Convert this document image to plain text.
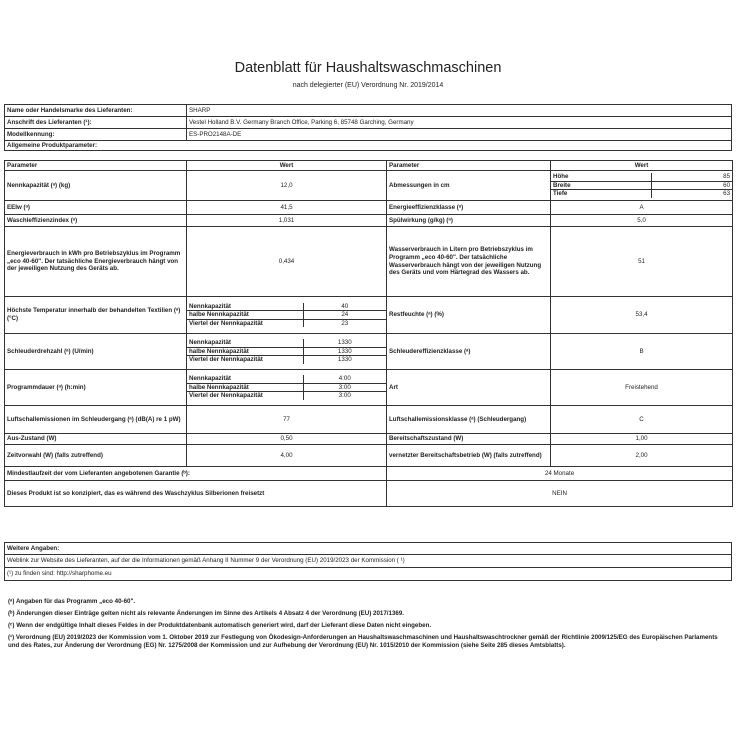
Datenblatt für Haushaltswaschmaschinen
nach delegierter (EU) Verordnung Nr. 2019/2014
Name oder Handelsmarke des Lieferanten:	SHARP
Anschrift des Lieferanten (¹):	Vestel Holland B.V. Germany Branch Office, Parking 6, 85748 Garching, Germany
Modellkennung:	ES-PRO2148A-DE
Allgemeine Produktparameter:	
Parameter	Wert	Parameter	Wert
Nennkapazität (ᵃ) (kg)	12,0	Abmessungen in cm	
Höhe	85
Breite	60
Tiefe	63

EEIw (ᵃ)	41,5	Energieeffizienzklasse (ᵃ)	A
Waschleffizienzindex (ᵃ)	1,031	Spülwirkung (g/kg) (ᵃ)	5,0
Energieverbrauch in kWh pro Betriebszyklus im Programm „eco 40-60". Der tatsächliche Energieverbrauch hängt von der jeweiligen Nutzung des Geräts ab.	0,434	Wasserverbrauch in Litern pro Betriebszyklus im Programm „eco 40-60". Der tatsächliche Wasserverbrauch hängt von der jeweiligen Nutzung des Geräts und vom Härtegrad des Wassers ab.	51
Höchste Temperatur innerhalb der behandelten Textilien (ᵃ) (°C)	
Nennkapazität	40
halbe Nennkapazität	24
Viertel der Nennkapazität	23
	Restfeuchte (ᵃ) (%)	53,4
Schleuderdrehzahl (ᵃ) (U/min)	
Nennkapazität	1330
halbe Nennkapazität	1330
Viertel der Nennkapazität	1330
	Schleudereffizienzklasse (ᵃ)	B
Programmdauer (ᵃ) (h:min)	
Nennkapazität	4:00
halbe Nennkapazität	3:00
Viertel der Nennkapazität	3:00
	Art	Freistehend
Luftschallemissionen im Schleudergang (ᵃ) (dB(A) re 1 pW)	77	Luftschallemissionsklasse (ᵃ) (Schleudergang)	C
Aus-Zustand (W)	0,50	Bereitschaftszustand (W)	1,00
Zeitvorwahl (W) (falls zutreffend)	4,00	vernetzter Bereitschaftsbetrieb (W) (falls zutreffend)	2,00
Mindestlaufzeit der vom Lieferanten angebotenen Garantie (ᵇ):	24 Monate
Dieses Produkt ist so konzipiert, das es während des Waschzyklus Silberionen freisetzt	NEIN
Weitere Angaben:
Weblink zur Website des Lieferanten, auf der die Informationen gemäß Anhang II Nummer 9 der Verordnung (EU) 2019/2023 der Kommission ( ¹)
(¹) zu finden sind: http://sharphome.eu

(ᵃ) Angaben für das Programm „eco 40-60".

(ᵇ) Änderungen dieser Einträge gelten nicht als relevante Änderungen im Sinne des Artikels 4 Absatz 4 der Verordnung (EU) 2017/1369.

(ᶜ) Wenn der endgültige Inhalt dieses Feldes in der Produktdatenbank automatisch generiert wird, darf der Lieferant diese Daten nicht eingeben.

(¹) Verordnung (EU) 2019/2023 der Kommission vom 1. Oktober 2019 zur Festlegung von Ökodesign-Anforderungen an Haushaltswaschmaschinen und Haushaltswaschtrockner gemäß der Richtlinie 2009/125/EG des Europäischen Parlaments und des Rates, zur Änderung der Verordnung (EG) Nr. 1275/2008 der Kommission und zur Aufhebung der Verordnung (EU) Nr. 1015/2010 der Kommission (siehe Seite 285 dieses Amtsblatts).
